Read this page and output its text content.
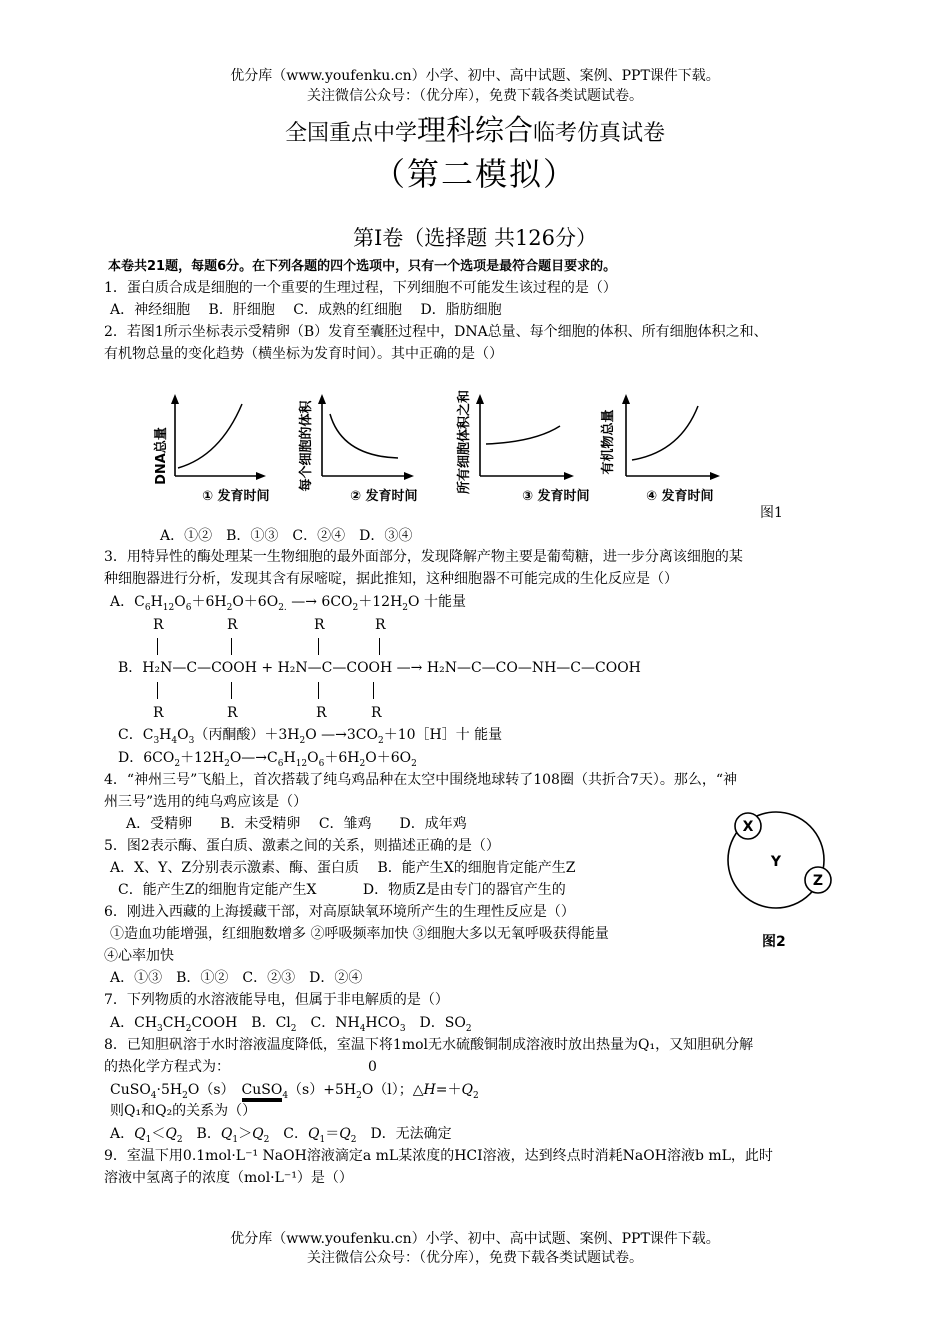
优分库（www.youfenku.cn）小学、初中、高中试题、案例、PPT课件下载。
关注微信公众号：（优分库），免费下载各类试题试卷。
全国重点中学理科综合临考仿真试卷
（第二模拟）
第Ⅰ卷（选择题 共126分）
本卷共21题，每题6分。在下列各题的四个选项中，只有一个选项是最符合题目要求的。
1．蛋白质合成是细胞的一个重要的生理过程，下列细胞不可能发生该过程的是（）
A．神经细胞　 B．肝细胞　 C．成熟的红细胞　 D．脂肪细胞
2．若图1所示坐标表示受精卵（B）发育至囊胚过程中，DNA总量、每个细胞的体积、所有细胞体积之和、
有机物总量的变化趋势（横坐标为发育时间）。其中正确的是（）
DNA总量
① 发育时间
每个细胞的体积
② 发育时间
所有细胞体积之和
③ 发育时间
有机物总量
④ 发育时间
图1
A．①②　B．①③　C．②④　D．③④
3．用特异性的酶处理某一生物细胞的最外面部分，发现降解产物主要是葡萄糖，进一步分离该细胞的某
种细胞器进行分析，发现其含有尿嘧啶，据此推知，这种细胞器不可能完成的生化反应是（）
A．$C_6H_{12}O_6+6H_2O+6O_{2.}$ —→ $6CO_2+12H_2O$ 十能量
R	R	R	R
B．H₂N—C—COOH + H₂N—C—COOH —→ H₂N—C—CO—NH—C—COOH
R	R	R	R
C．$C_3H_4O_3$（丙酮酸）$+3H_2O$ $—\to 3CO_2+10[H]$十 能量
D．$6CO_2+12H_2O—\to C_6H_{12}O_6+6H_2O+6O_2$
4．“神州三号”飞船上，首次搭载了纯乌鸡品种在太空中围绕地球转了108圈（共折合7天）。那么，“神
州三号”选用的纯乌鸡应该是（）
A．受精卵　　B．未受精卵　 C．雏鸡　　D．成年鸡
5．图2表示酶、蛋白质、激素之间的关系，则描述正确的是（）
A．X、Y、Z分别表示激素、酶、蛋白质　 B．能产生X的细胞肯定能产生Z
C．能产生Z的细胞肯定能产生X　　　 D．物质Z是由专门的器官产生的
X
Y
Z
图2
6．刚进入西藏的上海援藏干部，对高原缺氧环境所产生的生理性反应是（）
①造血功能增强，红细胞数增多 ②呼吸频率加快 ③细胞大多以无氧呼吸获得能量
④心率加快
A．①③　B．①②　C．②③　D．②④
7．下列物质的水溶液能导电，但属于非电解质的是（）
A．$CH_3CH_2COOH$　B．$Cl_2$　C．$NH_4HCO_3$　D．$SO_2$
8．已知胆矾溶于水时溶液温度降低，室温下将1mol无水硫酸铜制成溶液时放出热量为Q₁，又知胆矾分解
的热化学方程式为：	0
$CuSO_4\cdot 5H_2O(s)$　$CuSO_4(s)+5H_2O(l)$；$\triangle H=+Q_2$
则Q₁和Q₂的关系为（）
A．$Q_1<Q_2$　B．$Q_1>Q_2$　C．$Q_1=Q_2$　 D．无法确定
9．室温下用0.1mol·L⁻¹ NaOH溶液滴定a mL某浓度的HCI溶液，达到终点时消耗NaOH溶液b mL，此时
溶液中氢离子的浓度（mol·L⁻¹）是（）
优分库（www.youfenku.cn）小学、初中、高中试题、案例、PPT课件下载。
关注微信公众号：（优分库），免费下载各类试题试卷。
